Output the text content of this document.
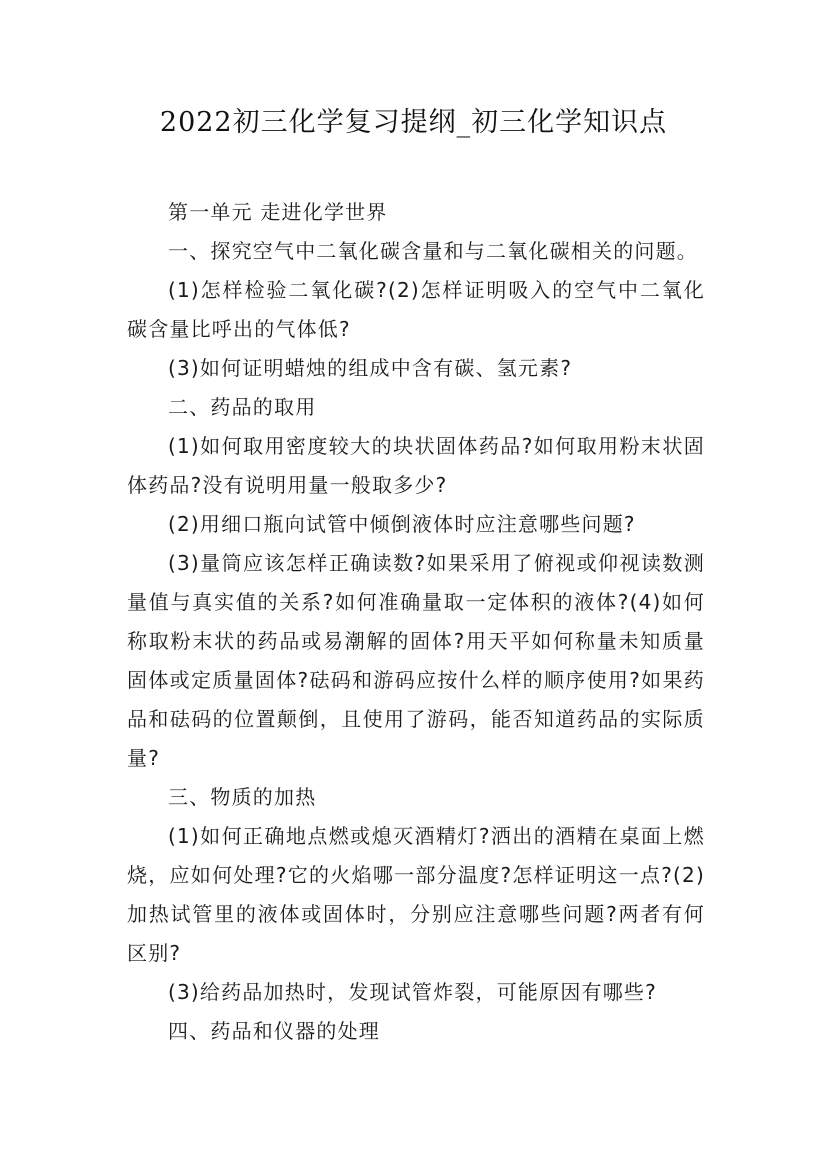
2022初三化学复习提纲_初三化学知识点

第一单元 走进化学世界

一、探究空气中二氧化碳含量和与二氧化碳相关的问题。

(1)怎样检验二氧化碳?(2)怎样证明吸入的空气中二氧化碳含量比呼出的气体低?

(3)如何证明蜡烛的组成中含有碳、氢元素?

二、药品的取用

(1)如何取用密度较大的块状固体药品?如何取用粉末状固体药品?没有说明用量一般取多少?

(2)用细口瓶向试管中倾倒液体时应注意哪些问题?

(3)量筒应该怎样正确读数?如果采用了俯视或仰视读数测量值与真实值的关系?如何准确量取一定体积的液体?(4)如何称取粉末状的药品或易潮解的固体?用天平如何称量未知质量固体或定质量固体?砝码和游码应按什么样的顺序使用?如果药品和砝码的位置颠倒，且使用了游码，能否知道药品的实际质量?

三、物质的加热

(1)如何正确地点燃或熄灭酒精灯?洒出的酒精在桌面上燃烧，应如何处理?它的火焰哪一部分温度?怎样证明这一点?(2)加热试管里的液体或固体时，分别应注意哪些问题?两者有何区别?

(3)给药品加热时，发现试管炸裂，可能原因有哪些?

四、药品和仪器的处理
